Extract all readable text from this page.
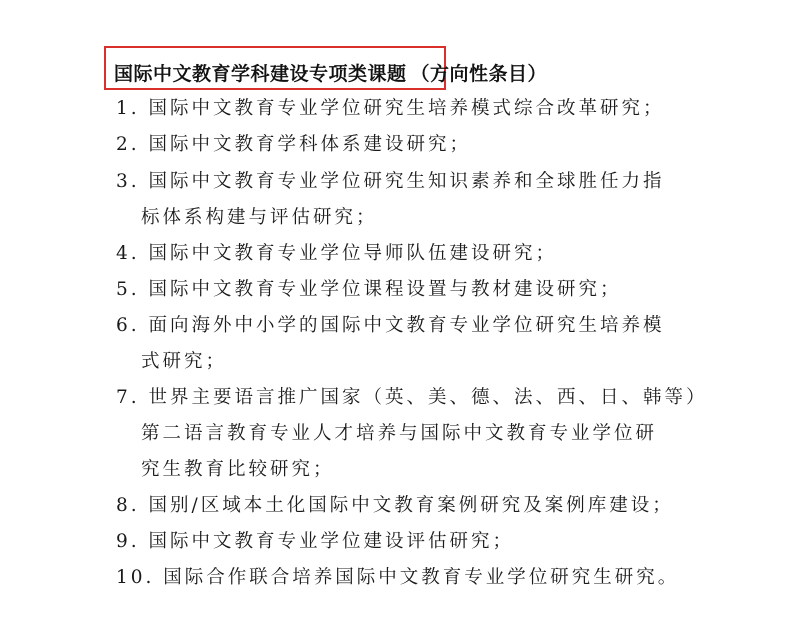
国际中文教育学科建设专项类课题 （方向性条目）
1. 国际中文教育专业学位研究生培养模式综合改革研究；
2. 国际中文教育学科体系建设研究；
3. 国际中文教育专业学位研究生知识素养和全球胜任力指
标体系构建与评估研究；
4. 国际中文教育专业学位导师队伍建设研究；
5. 国际中文教育专业学位课程设置与教材建设研究；
6. 面向海外中小学的国际中文教育专业学位研究生培养模
式研究；
7. 世界主要语言推广国家（英、美、德、法、西、日、韩等）
第二语言教育专业人才培养与国际中文教育专业学位研
究生教育比较研究；
8. 国别/区域本土化国际中文教育案例研究及案例库建设；
9. 国际中文教育专业学位建设评估研究；
10. 国际合作联合培养国际中文教育专业学位研究生研究。
